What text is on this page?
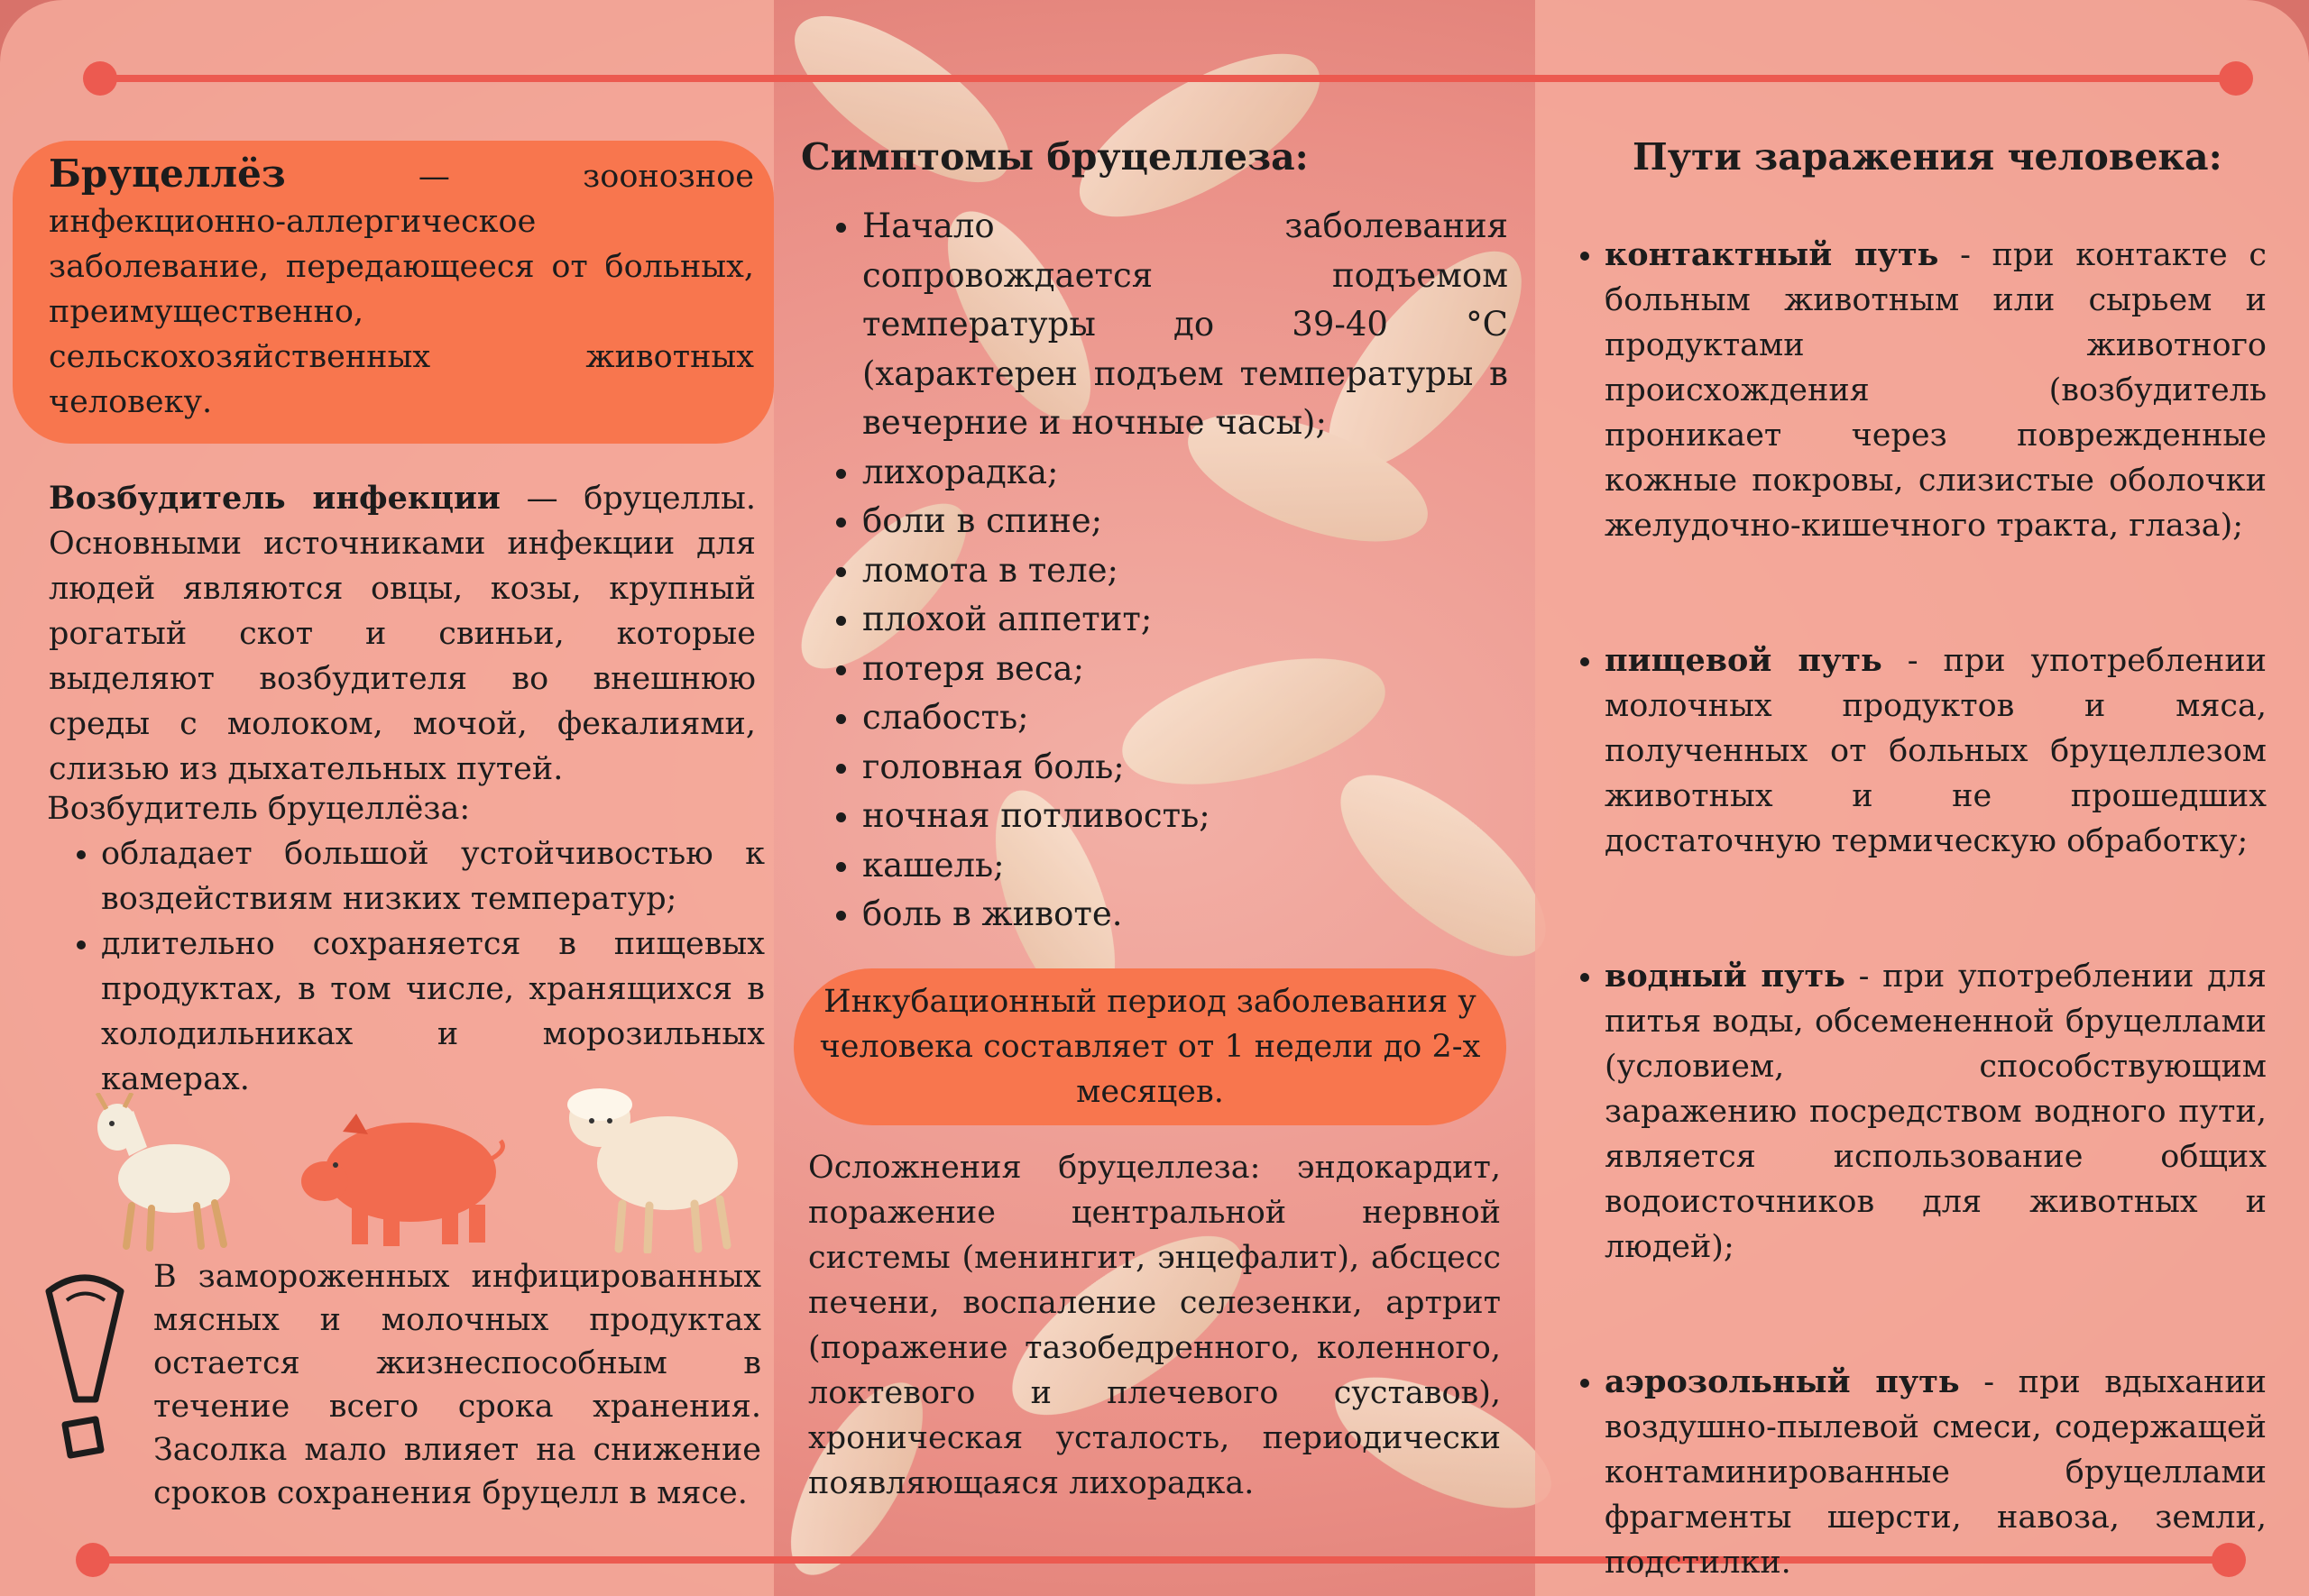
Бруцеллёз — зоонозное инфекционно-аллергическое заболевание, передающееся от больных, преимущественно, сельскохозяйственных животных человеку.
Возбудитель инфекции — бруцеллы. Основными источниками инфекции для людей являются овцы, козы, крупный рогатый скот и свиньи, которые выделяют возбудителя во внешнюю среды с молоком, мочой, фекалиями, слизью из дыхательных путей.
Возбудитель бруцеллёза:
• обладает большой устойчивостью к воздействиям низких температур;
• длительно сохраняется в пищевых продуктах, в том числе, хранящихся в холодильниках и морозильных камерах.
В замороженных инфицированных мясных и молочных продуктах остается жизнеспособным в течение всего срока хранения. Засолка мало влияет на снижение сроков сохранения бруцелл в мясе.
Симптомы бруцеллеза:
• Начало заболевания сопровождается подъемом температуры до 39-40 °С (характерен подъем температуры в вечерние и ночные часы);
• лихорадка;
• боли в спине;
• ломота в теле;
• плохой аппетит;
• потеря веса;
• слабость;
• головная боль;
• ночная потливость;
• кашель;
• боль в животе.
Инкубационный период заболевания у человека составляет от 1 недели до 2-х месяцев.
Осложнения бруцеллеза: эндокардит, поражение центральной нервной системы (менингит, энцефалит), абсцесс печени, воспаление селезенки, артрит (поражение тазобедренного, коленного, локтевого и плечевого суставов), хроническая усталость, периодически появляющаяся лихорадка.
Пути заражения человека:
• контактный путь - при контакте с больным животным или сырьем и продуктами животного происхождения (возбудитель проникает через поврежденные кожные покровы, слизистые оболочки желудочно-кишечного тракта, глаза);
• пищевой путь - при употреблении молочных продуктов и мяса, полученных от больных бруцеллезом животных и не прошедших достаточную термическую обработку;
• водный путь - при употреблении для питья воды, обсемененной бруцеллами (условием, способствующим заражению посредством водного пути, является использование общих водоисточников для животных и людей);
• аэрозольный путь - при вдыхании воздушно-пылевой смеси, содержащей контаминированные бруцеллами фрагменты шерсти, навоза, земли, подстилки.
